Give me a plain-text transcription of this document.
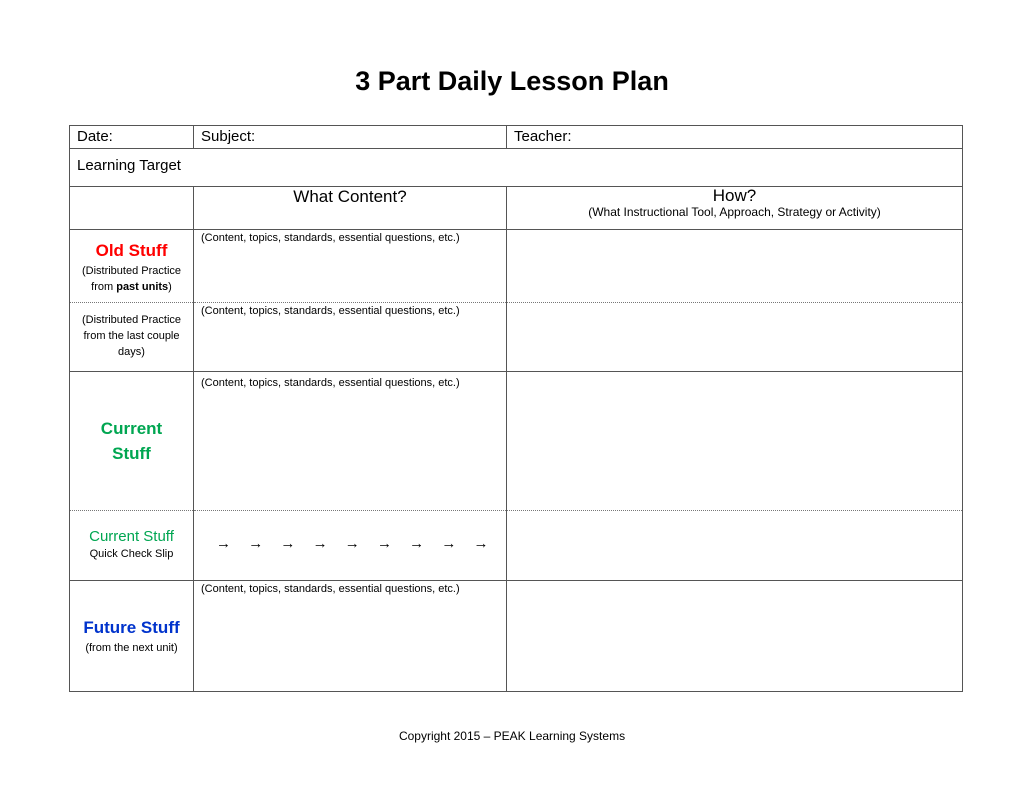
3 Part Daily Lesson Plan
Date:	Subject:	Teacher:
Learning Target		
	What Content?	How?
(What Instructional Tool, Approach, Strategy or Activity)

Old Stuff
(Distributed Practice
from past units)	(Content, topics, standards, essential questions, etc.)	

(Distributed Practice
from the last couple
days)	(Content, topics, standards, essential questions, etc.)	

Current
Stuff	(Content, topics, standards, essential questions, etc.)	

Current Stuff
Quick Check Slip	→ → → → → → → → →	

Future Stuff
(from the next unit)	(Content, topics, standards, essential questions, etc.)	

Copyright 2015 – PEAK Learning Systems
